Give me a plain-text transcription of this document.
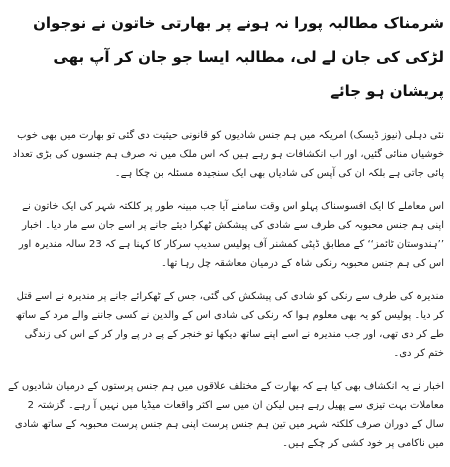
شرمناک مطالبہ پورا نہ ہونے پر بھارتی خاتون نے نوجوان لڑکی کی جان لے لی، مطالبہ ایسا جو جان کر آپ بھی پریشان ہو جائے

نئی دہلی (نیوز ڈیسک) امریکہ میں ہم جنس شادیوں کو قانونی حیثیت دی گئی تو بھارت میں بھی خوب خوشیاں منائی گئیں، اور اب انکشافات ہو رہے ہیں کہ اس ملک میں نہ صرف ہم جنسوں کی بڑی تعداد پائی جاتی ہے بلکہ ان کی آپس کی شادیاں بھی ایک سنجیدہ مسئلہ بن چکا ہے۔

اس معاملے کا ایک افسوسناک پہلو اس وقت سامنے آیا جب مبینہ طور پر کلکتہ شہر کی ایک خاتون نے اپنی ہم جنس محبوبہ کی طرف سے شادی کی پیشکش ٹھکرا دیئے جانے پر اسے جان سے مار دیا۔ اخبار ’’ہندوستان ٹائمز‘‘ کے مطابق ڈپٹی کمشنر آف پولیس سدیپ سرکار کا کہنا ہے کہ 23 سالہ مندیرہ اور اس کی ہم جنس محبوبہ رنکی شاہ کے درمیان معاشقہ چل رہا تھا۔

مندیرہ کی طرف سے رنکی کو شادی کی پیشکش کی گئی، جس کے ٹھکرائے جانے پر مندیرہ نے اسے قتل کر دیا۔ پولیس کو یہ بھی معلوم ہوا کہ رنکی کی شادی اس کے والدین نے کسی جاننے والے مرد کے ساتھ طے کر دی تھی، اور جب مندیرہ نے اسے اپنے ساتھ دیکھا تو خنجر کے پے در پے وار کر کے اس کی زندگی ختم کر دی۔

اخبار نے یہ انکشاف بھی کیا ہے کہ بھارت کے مختلف علاقوں میں ہم جنس پرستوں کے درمیان شادیوں کے معاملات بہت تیزی سے پھیل رہے ہیں لیکن ان میں سے اکثر واقعات میڈیا میں نہیں آ رہے۔ گزشتہ 2 سال کے دوران صرف کلکتہ شہر میں تین ہم جنس پرست اپنی ہم جنس پرست محبوبہ کے ساتھ شادی میں ناکامی پر خود کشی کر چکے ہیں۔
